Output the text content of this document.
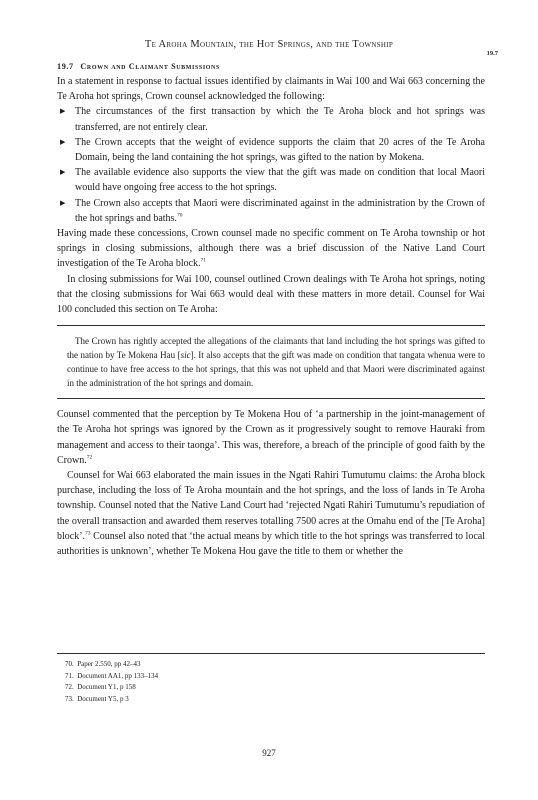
Te Aroha Mountain, the Hot Springs, and the Township
19.7
19.7 Crown and Claimant Submissions

In a statement in response to factual issues identified by claimants in Wai 100 and Wai 663 concerning the Te Aroha hot springs, Crown counsel acknowledged the following:

▶ The circumstances of the first transaction by which the Te Aroha block and hot springs was transferred, are not entirely clear.
▶ The Crown accepts that the weight of evidence supports the claim that 20 acres of the Te Aroha Domain, being the land containing the hot springs, was gifted to the nation by Mokena.
▶ The available evidence also supports the view that the gift was made on condition that local Maori would have ongoing free access to the hot springs.
▶ The Crown also accepts that Maori were discriminated against in the administration by the Crown of the hot springs and baths.$^{70}$

Having made these concessions, Crown counsel made no specific comment on Te Aroha township or hot springs in closing submissions, although there was a brief discussion of the Native Land Court investigation of the Te Aroha block.$^{71}$

In closing submissions for Wai 100, counsel outlined Crown dealings with Te Aroha hot springs, noting that the closing submissions for Wai 663 would deal with these matters in more detail. Counsel for Wai 100 concluded this section on Te Aroha:

The Crown has rightly accepted the allegations of the claimants that land including the hot springs was gifted to the nation by Te Mokena Hau [sic]. It also accepts that the gift was made on condition that tangata whenua were to continue to have free access to the hot springs, that this was not upheld and that Maori were discriminated against in the administration of the hot springs and domain.

Counsel commented that the perception by Te Mokena Hou of ‘a partnership in the joint-management of the Te Aroha hot springs was ignored by the Crown as it progressively sought to remove Hauraki from management and access to their taonga’. This was, therefore, a breach of the principle of good faith by the Crown.$^{72}$

Counsel for Wai 663 elaborated the main issues in the Ngati Rahiri Tumutumu claims: the Aroha block purchase, including the loss of Te Aroha mountain and the hot springs, and the loss of lands in Te Aroha township. Counsel noted that the Native Land Court had ‘rejected Ngati Rahiri Tumutumu’s repudiation of the overall transaction and awarded them reserves totalling 7500 acres at the Omahu end of the [Te Aroha] block’.$^{73}$ Counsel also noted that ‘the actual means by which title to the hot springs was transferred to local authorities is unknown’, whether Te Mokena Hou gave the title to them or whether the

70. Paper 2.550, pp 42–43
71. Document AA1, pp 133–134
72. Document Y1, p 158
73. Document Y5, p 3
927
